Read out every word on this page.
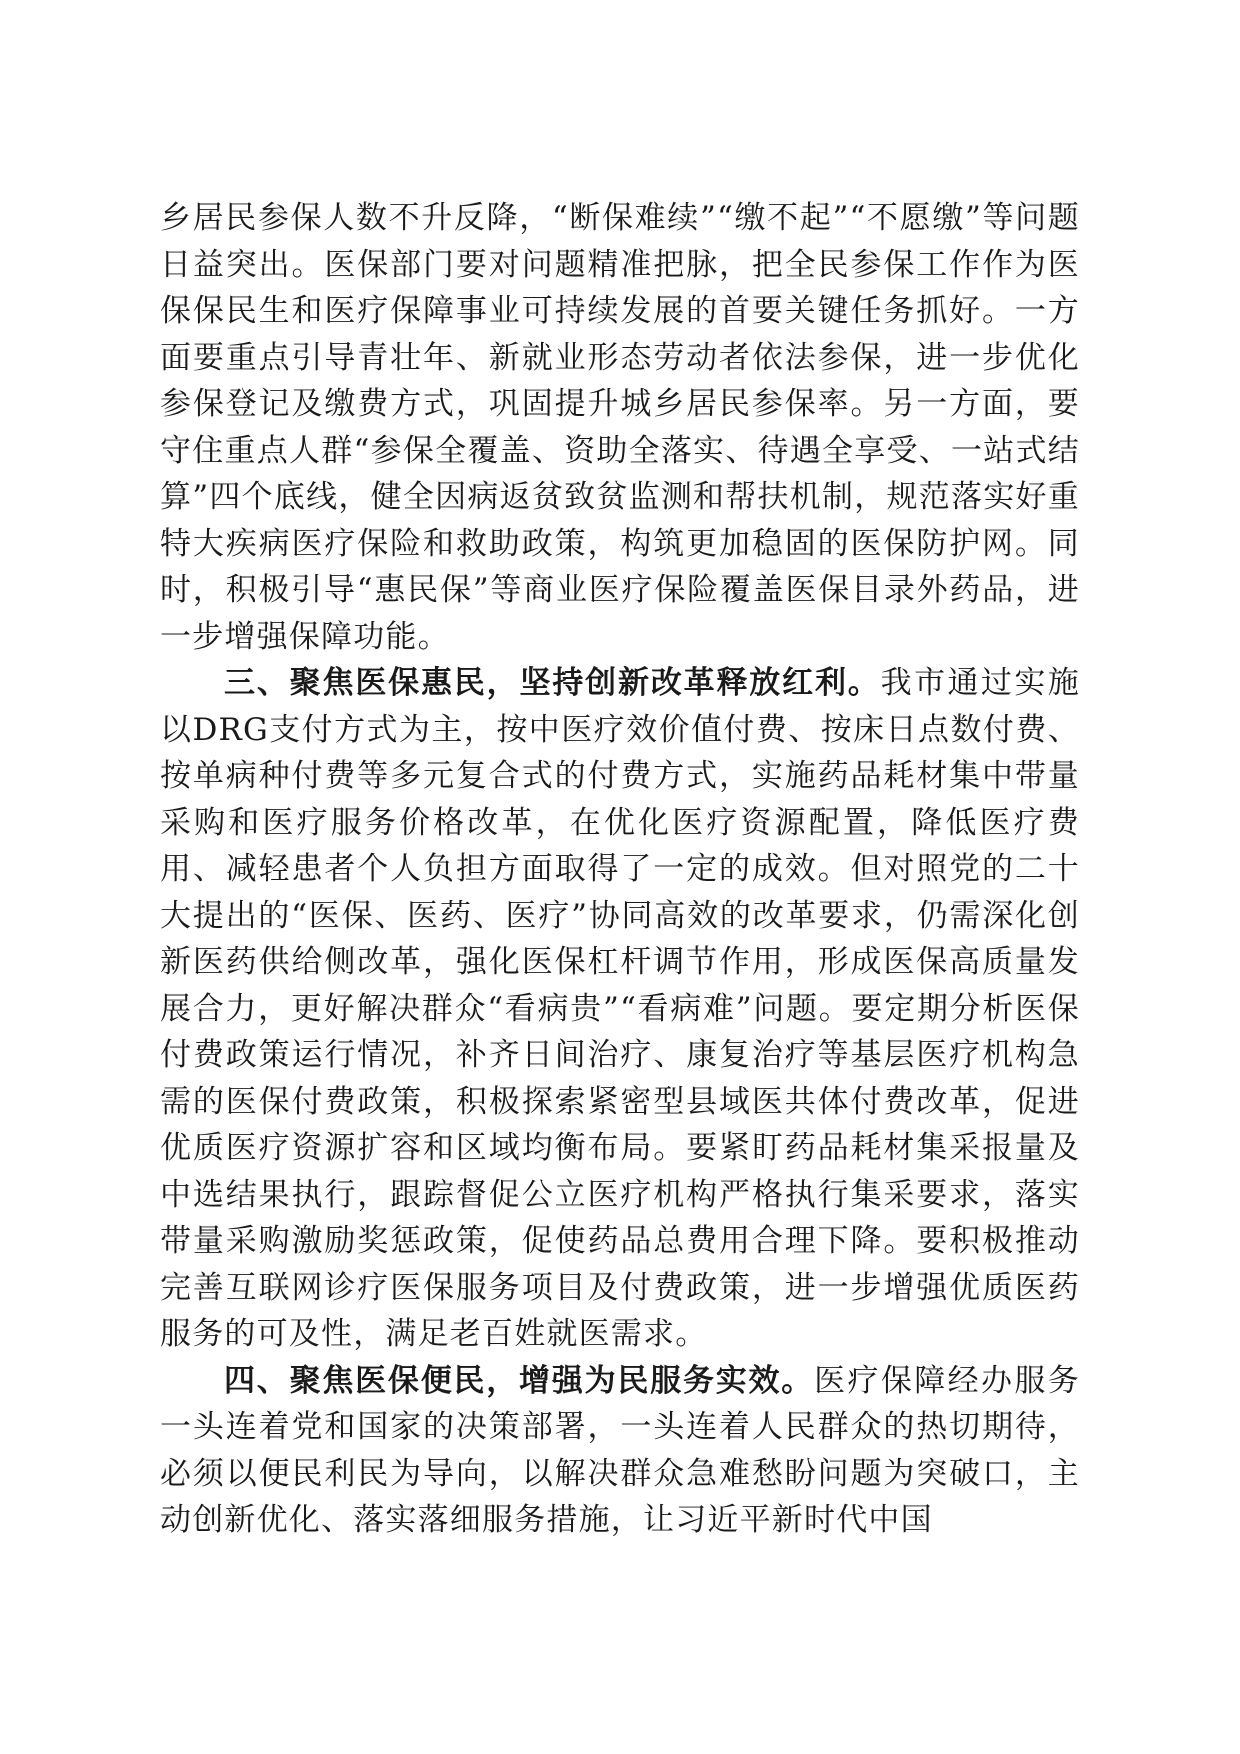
乡居民参保人数不升反降，“断保难续”“缴不起”“不愿缴”等问题日益突出。医保部门要对问题精准把脉，把全民参保工作作为医保保民生和医疗保障事业可持续发展的首要关键任务抓好。一方面要重点引导青壮年、新就业形态劳动者依法参保，进一步优化参保登记及缴费方式，巩固提升城乡居民参保率。另一方面，要守住重点人群“参保全覆盖、资助全落实、待遇全享受、一站式结算”四个底线，健全因病返贫致贫监测和帮扶机制，规范落实好重特大疾病医疗保险和救助政策，构筑更加稳固的医保防护网。同时，积极引导“惠民保”等商业医疗保险覆盖医保目录外药品，进一步增强保障功能。

三、聚焦医保惠民，坚持创新改革释放红利。我市通过实施以DRG支付方式为主，按中医疗效价值付费、按床日点数付费、按单病种付费等多元复合式的付费方式，实施药品耗材集中带量采购和医疗服务价格改革，在优化医疗资源配置，降低医疗费用、减轻患者个人负担方面取得了一定的成效。但对照党的二十大提出的“医保、医药、医疗”协同高效的改革要求，仍需深化创新医药供给侧改革，强化医保杠杆调节作用，形成医保高质量发展合力，更好解决群众“看病贵”“看病难”问题。要定期分析医保付费政策运行情况，补齐日间治疗、康复治疗等基层医疗机构急需的医保付费政策，积极探索紧密型县域医共体付费改革，促进优质医疗资源扩容和区域均衡布局。要紧盯药品耗材集采报量及中选结果执行，跟踪督促公立医疗机构严格执行集采要求，落实带量采购激励奖惩政策，促使药品总费用合理下降。要积极推动完善互联网诊疗医保服务项目及付费政策，进一步增强优质医药服务的可及性，满足老百姓就医需求。

四、聚焦医保便民，增强为民服务实效。医疗保障经办服务一头连着党和国家的决策部署，一头连着人民群众的热切期待，必须以便民利民为导向，以解决群众急难愁盼问题为突破口，主动创新优化、落实落细服务措施，让习近平新时代中国
